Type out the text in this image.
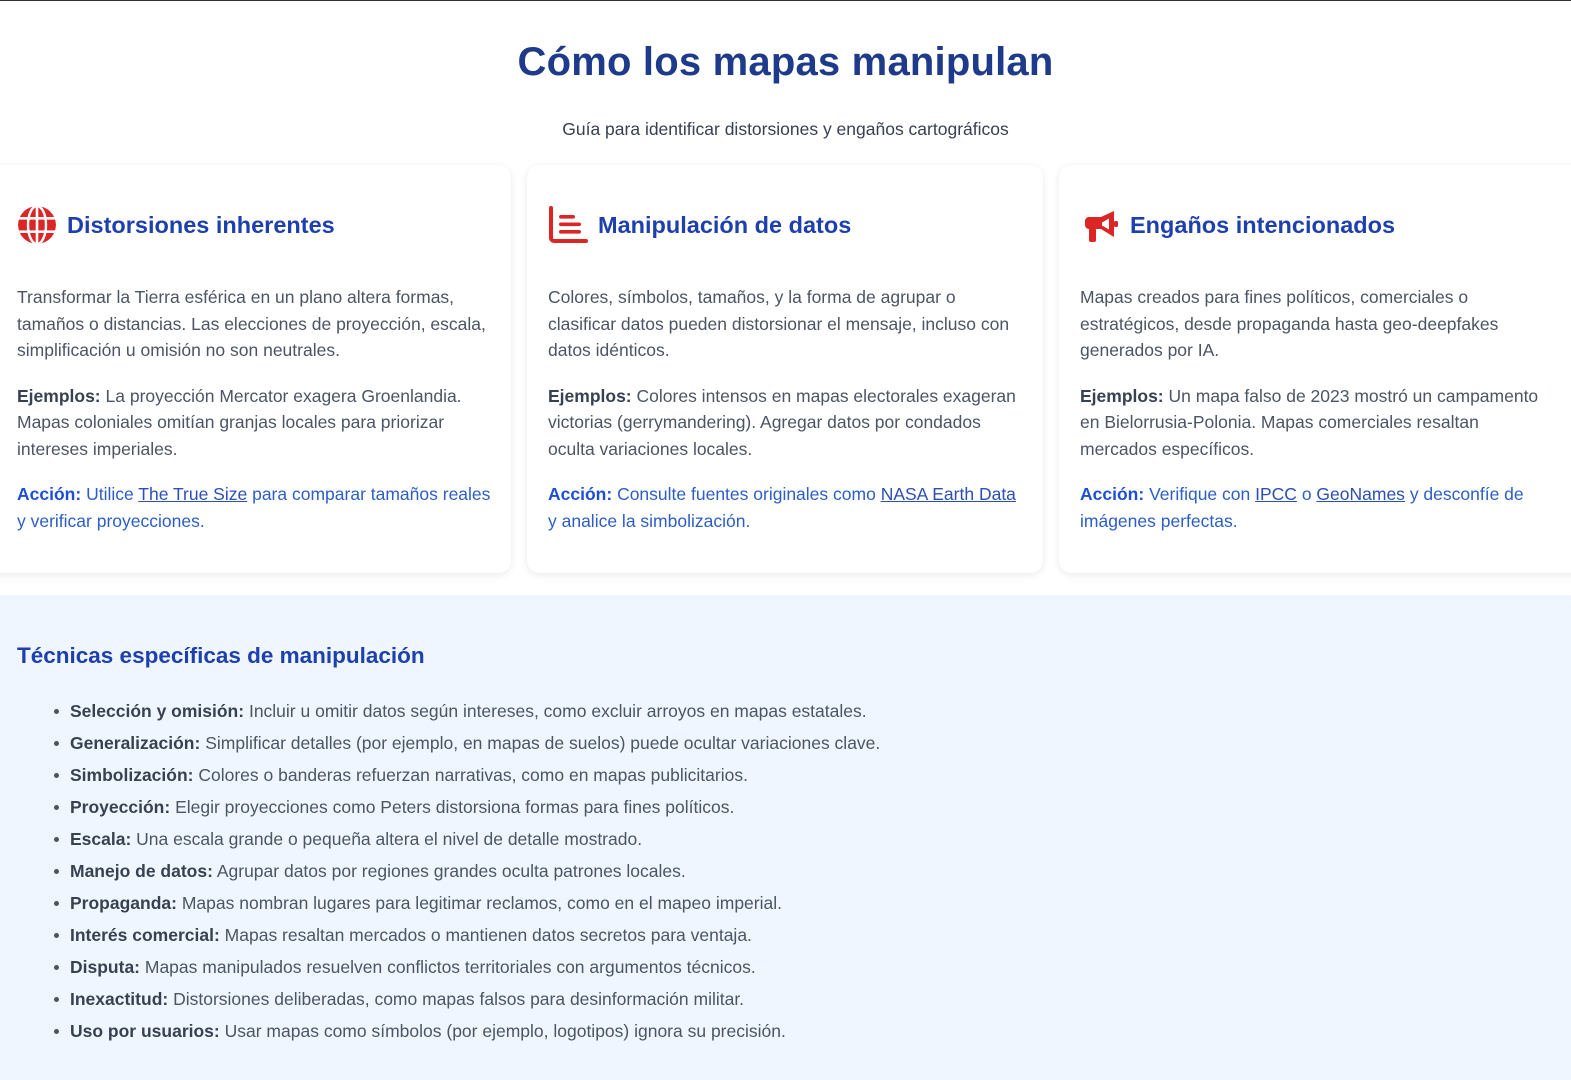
Cómo los mapas manipulan

Guía para identificar distorsiones y engaños cartográficos

Distorsiones inherentes

Transformar la Tierra esférica en un plano altera formas, tamaños o distancias. Las elecciones de proyección, escala, simplificación u omisión no son neutrales.

Ejemplos: La proyección Mercator exagera Groenlandia. Mapas coloniales omitían granjas locales para priorizar intereses imperiales.

Acción: Utilice The True Size para comparar tamaños reales y verificar proyecciones.

Manipulación de datos

Colores, símbolos, tamaños, y la forma de agrupar o clasificar datos pueden distorsionar el mensaje, incluso con datos idénticos.

Ejemplos: Colores intensos en mapas electorales exageran victorias (gerrymandering). Agregar datos por condados oculta variaciones locales.

Acción: Consulte fuentes originales como NASA Earth Data y analice la simbolización.

Engaños intencionados

Mapas creados para fines políticos, comerciales o estratégicos, desde propaganda hasta geo-deepfakes generados por IA.

Ejemplos: Un mapa falso de 2023 mostró un campamento en Bielorrusia-Polonia. Mapas comerciales resaltan mercados específicos.

Acción: Verifique con IPCC o GeoNames y desconfíe de imágenes perfectas.

Técnicas específicas de manipulación
Selección y omisión: Incluir u omitir datos según intereses, como excluir arroyos en mapas estatales.
Generalización: Simplificar detalles (por ejemplo, en mapas de suelos) puede ocultar variaciones clave.
Simbolización: Colores o banderas refuerzan narrativas, como en mapas publicitarios.
Proyección: Elegir proyecciones como Peters distorsiona formas para fines políticos.
Escala: Una escala grande o pequeña altera el nivel de detalle mostrado.
Manejo de datos: Agrupar datos por regiones grandes oculta patrones locales.
Propaganda: Mapas nombran lugares para legitimar reclamos, como en el mapeo imperial.
Interés comercial: Mapas resaltan mercados o mantienen datos secretos para ventaja.
Disputa: Mapas manipulados resuelven conflictos territoriales con argumentos técnicos.
Inexactitud: Distorsiones deliberadas, como mapas falsos para desinformación militar.
Uso por usuarios: Usar mapas como símbolos (por ejemplo, logotipos) ignora su precisión.
